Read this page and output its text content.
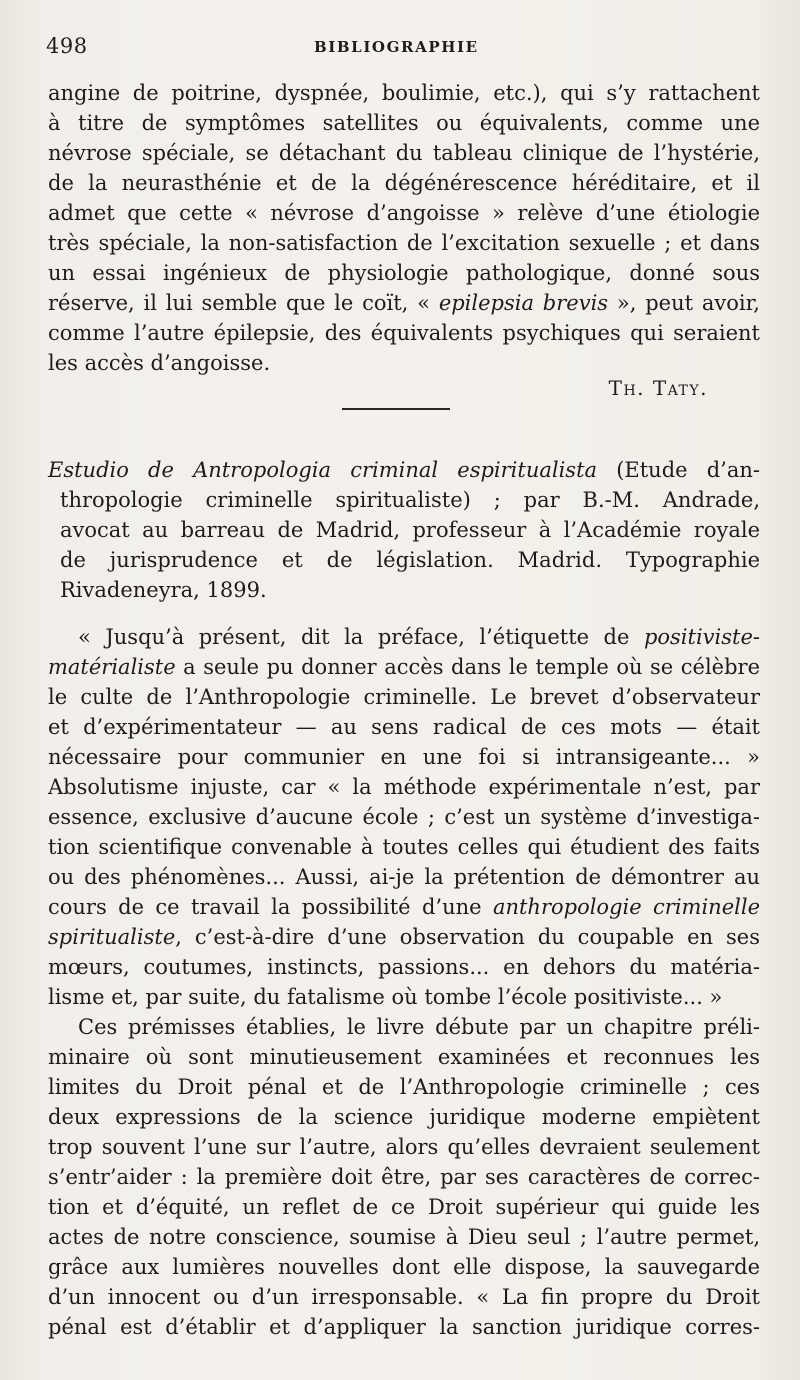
498	BIBLIOGRAPHIE
angine de poitrine, dyspnée, boulimie, etc.), qui s’y rattachent
à titre de symptômes satellites ou équivalents, comme une
névrose spéciale, se détachant du tableau clinique de l’hystérie,
de la neurasthénie et de la dégénérescence héréditaire, et il
admet que cette « névrose d’angoisse » relève d’une étiologie
très spéciale, la non-satisfaction de l’excitation sexuelle ; et dans
un essai ingénieux de physiologie pathologique, donné sous
réserve, il lui semble que le coït, « epilepsia brevis », peut avoir,
comme l’autre épilepsie, des équivalents psychiques qui seraient
les accès d’angoisse.
Th. Taty.
Estudio de Antropologia criminal espiritualista (Etude d’an-
thropologie criminelle spiritualiste) ; par B.-M. Andrade,
avocat au barreau de Madrid, professeur à l’Académie royale
de jurisprudence et de législation. Madrid. Typographie
Rivadeneyra, 1899.
« Jusqu’à présent, dit la préface, l’étiquette de positiviste-
matérialiste a seule pu donner accès dans le temple où se célèbre
le culte de l’Anthropologie criminelle. Le brevet d’observateur
et d’expérimentateur — au sens radical de ces mots — était
nécessaire pour communier en une foi si intransigeante... »
Absolutisme injuste, car « la méthode expérimentale n’est, par
essence, exclusive d’aucune école ; c’est un système d’investiga-
tion scientifique convenable à toutes celles qui étudient des faits
ou des phénomènes... Aussi, ai-je la prétention de démontrer au
cours de ce travail la possibilité d’une anthropologie criminelle
spiritualiste, c’est-à-dire d’une observation du coupable en ses
mœurs, coutumes, instincts, passions... en dehors du matéria-
lisme et, par suite, du fatalisme où tombe l’école positiviste... »
Ces prémisses établies, le livre débute par un chapitre préli-
minaire où sont minutieusement examinées et reconnues les
limites du Droit pénal et de l’Anthropologie criminelle ; ces
deux expressions de la science juridique moderne empiètent
trop souvent l’une sur l’autre, alors qu’elles devraient seulement
s’entr’aider : la première doit être, par ses caractères de correc-
tion et d’équité, un reflet de ce Droit supérieur qui guide les
actes de notre conscience, soumise à Dieu seul ; l’autre permet,
grâce aux lumières nouvelles dont elle dispose, la sauvegarde
d’un innocent ou d’un irresponsable. « La fin propre du Droit
pénal est d’établir et d’appliquer la sanction juridique corres-
